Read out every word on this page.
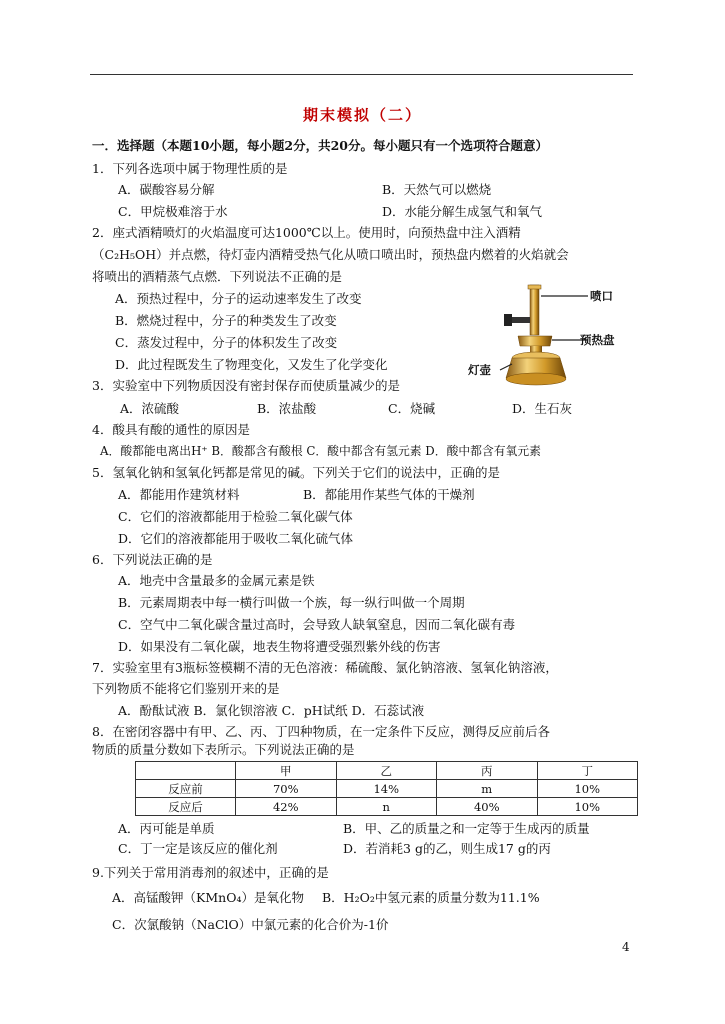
期末模拟（二）
一．选择题（本题10小题，每小题2分，共20分。每小题只有一个选项符合题意）
1．下列各选项中属于物理性质的是
A．碳酸容易分解	B．天然气可以燃烧
C．甲烷极难溶于水	D．水能分解生成氢气和氧气
2．座式酒精喷灯的火焰温度可达1000℃以上。使用时，向预热盘中注入酒精
（C₂H₅OH）并点燃，待灯壶内酒精受热气化从喷口喷出时，预热盘内燃着的火焰就会
将喷出的酒精蒸气点燃．下列说法不正确的是
A．预热过程中，分子的运动速率发生了改变
B．燃烧过程中，分子的种类发生了改变
C．蒸发过程中，分子的体积发生了改变
D．此过程既发生了物理变化，又发生了化学变化
喷口
预热盘
灯壶
3．实验室中下列物质因没有密封保存而使质量减少的是
A．浓硫酸	B．浓盐酸	C．烧碱	D．生石灰
4．酸具有酸的通性的原因是
A．酸都能电离出H⁺ B．酸都含有酸根 C．酸中都含有氢元素 D．酸中都含有氧元素
5．氢氧化钠和氢氧化钙都是常见的碱。下列关于它们的说法中，正确的是
A．都能用作建筑材料	B．都能用作某些气体的干燥剂
C．它们的溶液都能用于检验二氧化碳气体
D．它们的溶液都能用于吸收二氧化硫气体
6．下列说法正确的是
A．地壳中含量最多的金属元素是铁
B．元素周期表中每一横行叫做一个族，每一纵行叫做一个周期
C．空气中二氧化碳含量过高时，会导致人缺氧窒息，因而二氧化碳有毒
D．如果没有二氧化碳，地表生物将遭受强烈紫外线的伤害
7．实验室里有3瓶标签模糊不清的无色溶液：稀硫酸、氯化钠溶液、氢氧化钠溶液，
下列物质不能将它们鉴别开来的是
A．酚酞试液 B．氯化钡溶液 C．pH试纸 D．石蕊试液
8．在密闭容器中有甲、乙、丙、丁四种物质，在一定条件下反应，测得反应前后各
物质的质量分数如下表所示。下列说法正确的是
	甲	乙	丙	丁
反应前	70%	14%	m	10%
反应后	42%	n	40%	10%
A．丙可能是单质	B．甲、乙的质量之和一定等于生成丙的质量
C．丁一定是该反应的催化剂	D．若消耗3 g的乙，则生成17 g的丙
9.下列关于常用消毒剂的叙述中，正确的是
A．高锰酸钾（KMnO₄）是氧化物 B．H₂O₂中氢元素的质量分数为11.1%
C．次氯酸钠（NaClO）中氯元素的化合价为-1价
4
